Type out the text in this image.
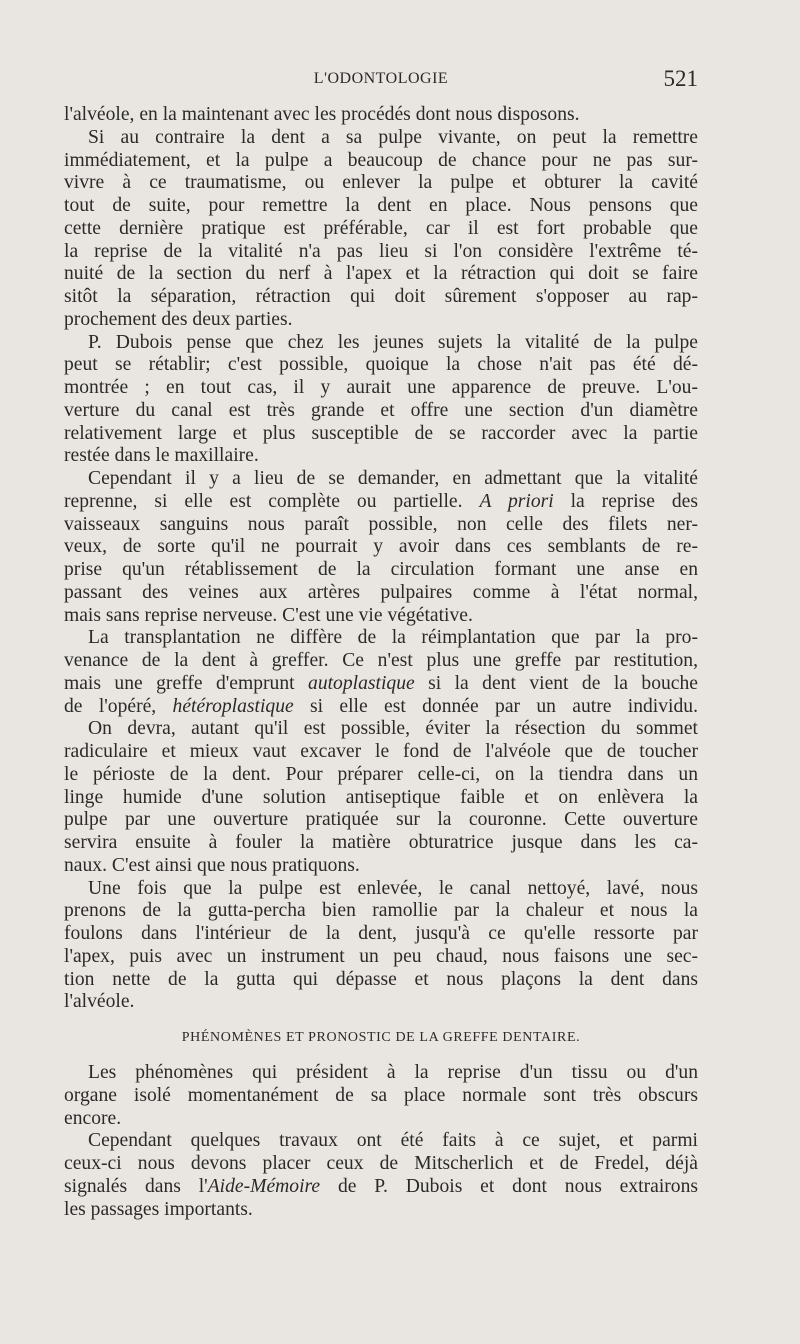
L'ODONTOLOGIE	521
l'alvéole, en la maintenant avec les procédés dont nous disposons.
Si au contraire la dent a sa pulpe vivante, on peut la remettre
immédiatement, et la pulpe a beaucoup de chance pour ne pas sur-
vivre à ce traumatisme, ou enlever la pulpe et obturer la cavité
tout de suite, pour remettre la dent en place. Nous pensons que
cette dernière pratique est préférable, car il est fort probable que
la reprise de la vitalité n'a pas lieu si l'on considère l'extrême té-
nuité de la section du nerf à l'apex et la rétraction qui doit se faire
sitôt la séparation, rétraction qui doit sûrement s'opposer au rap-
prochement des deux parties.
P. Dubois pense que chez les jeunes sujets la vitalité de la pulpe
peut se rétablir; c'est possible, quoique la chose n'ait pas été dé-
montrée ; en tout cas, il y aurait une apparence de preuve. L'ou-
verture du canal est très grande et offre une section d'un diamètre
relativement large et plus susceptible de se raccorder avec la partie
restée dans le maxillaire.
Cependant il y a lieu de se demander, en admettant que la vitalité
reprenne, si elle est complète ou partielle. A priori la reprise des
vaisseaux sanguins nous paraît possible, non celle des filets ner-
veux, de sorte qu'il ne pourrait y avoir dans ces semblants de re-
prise qu'un rétablissement de la circulation formant une anse en
passant des veines aux artères pulpaires comme à l'état normal,
mais sans reprise nerveuse. C'est une vie végétative.
La transplantation ne diffère de la réimplantation que par la pro-
venance de la dent à greffer. Ce n'est plus une greffe par restitution,
mais une greffe d'emprunt autoplastique si la dent vient de la bouche
de l'opéré, hétéroplastique si elle est donnée par un autre individu.
On devra, autant qu'il est possible, éviter la résection du sommet
radiculaire et mieux vaut excaver le fond de l'alvéole que de toucher
le périoste de la dent. Pour préparer celle-ci, on la tiendra dans un
linge humide d'une solution antiseptique faible et on enlèvera la
pulpe par une ouverture pratiquée sur la couronne. Cette ouverture
servira ensuite à fouler la matière obturatrice jusque dans les ca-
naux. C'est ainsi que nous pratiquons.
Une fois que la pulpe est enlevée, le canal nettoyé, lavé, nous
prenons de la gutta-percha bien ramollie par la chaleur et nous la
foulons dans l'intérieur de la dent, jusqu'à ce qu'elle ressorte par
l'apex, puis avec un instrument un peu chaud, nous faisons une sec-
tion nette de la gutta qui dépasse et nous plaçons la dent dans
l'alvéole.
PHÉNOMÈNES ET PRONOSTIC DE LA GREFFE DENTAIRE.
Les phénomènes qui président à la reprise d'un tissu ou d'un
organe isolé momentanément de sa place normale sont très obscurs
encore.
Cependant quelques travaux ont été faits à ce sujet, et parmi
ceux-ci nous devons placer ceux de Mitscherlich et de Fredel, déjà
signalés dans l'Aide-Mémoire de P. Dubois et dont nous extrairons
les passages importants.
